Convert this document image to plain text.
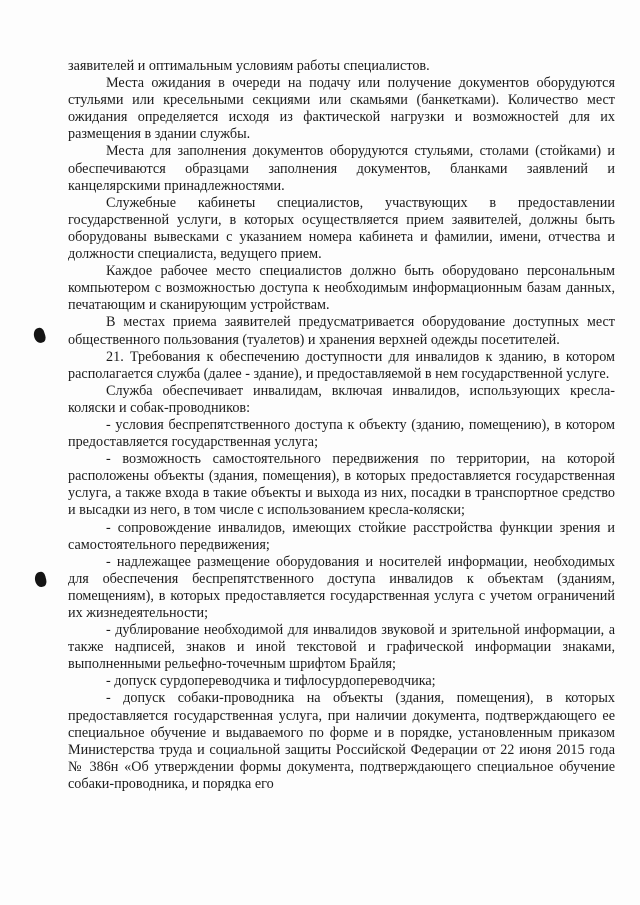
заявителей и оптимальным условиям работы специалистов.

Места ожидания в очереди на подачу или получение документов оборудуются стульями или кресельными секциями или скамьями (банкетками). Количество мест ожидания определяется исходя из фактической нагрузки и возможностей для их размещения в здании службы.

Места для заполнения документов оборудуются стульями, столами (стойками) и обеспечиваются образцами заполнения документов, бланками заявлений и канцелярскими принадлежностями.

Служебные кабинеты специалистов, участвующих в предоставлении государственной услуги, в которых осуществляется прием заявителей, должны быть оборудованы вывесками с указанием номера кабинета и фамилии, имени, отчества и должности специалиста, ведущего прием.

Каждое рабочее место специалистов должно быть оборудовано персональным компьютером с возможностью доступа к необходимым информационным базам данных, печатающим и сканирующим устройствам.

В местах приема заявителей предусматривается оборудование доступных мест общественного пользования (туалетов) и хранения верхней одежды посетителей.

21. Требования к обеспечению доступности для инвалидов к зданию, в котором располагается служба (далее - здание), и предоставляемой в нем государственной услуге.

Служба обеспечивает инвалидам, включая инвалидов, использующих кресла-коляски и собак-проводников:

- условия беспрепятственного доступа к объекту (зданию, помещению), в котором предоставляется государственная услуга;

- возможность самостоятельного передвижения по территории, на которой расположены объекты (здания, помещения), в которых предоставляется государственная услуга, а также входа в такие объекты и выхода из них, посадки в транспортное средство и высадки из него, в том числе с использованием кресла-коляски;

- сопровождение инвалидов, имеющих стойкие расстройства функции зрения и самостоятельного передвижения;

- надлежащее размещение оборудования и носителей информации, необходимых для обеспечения беспрепятственного доступа инвалидов к объектам (зданиям, помещениям), в которых предоставляется государственная услуга с учетом ограничений их жизнедеятельности;

- дублирование необходимой для инвалидов звуковой и зрительной информации, а также надписей, знаков и иной текстовой и графической информации знаками, выполненными рельефно-точечным шрифтом Брайля;

- допуск сурдопереводчика и тифлосурдопереводчика;

- допуск собаки-проводника на объекты (здания, помещения), в которых предоставляется государственная услуга, при наличии документа, подтверждающего ее специальное обучение и выдаваемого по форме и в порядке, установленным приказом Министерства труда и социальной защиты Российской Федерации от 22 июня 2015 года № 386н «Об утверждении формы документа, подтверждающего специальное обучение собаки-проводника, и порядка его
